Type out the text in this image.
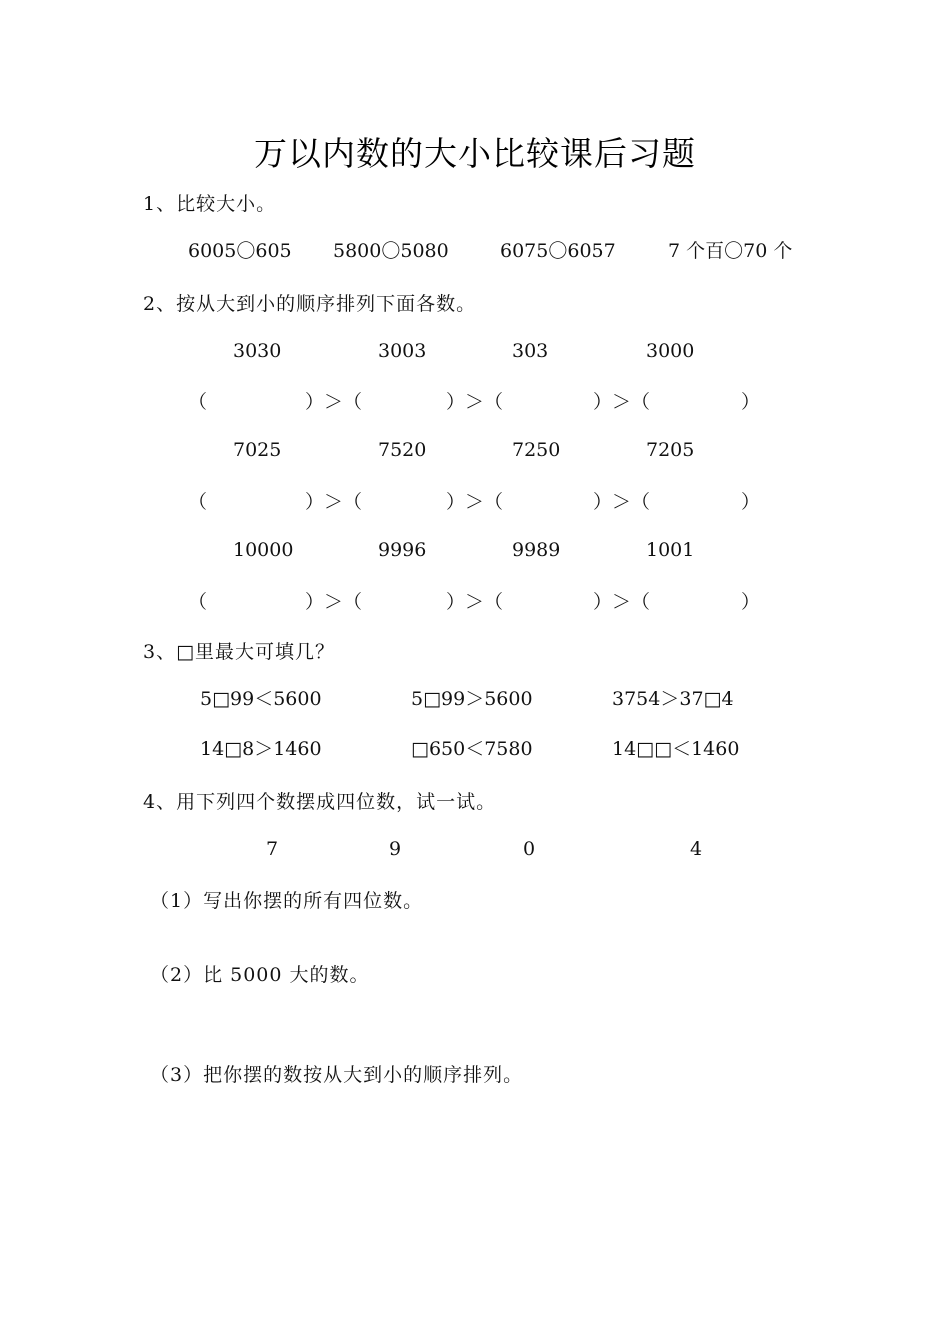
万以内数的大小比较课后习题
1、比较大小。
6005〇605 5800〇5080	6075〇6057	7 个百〇70 个
2、按从大到小的顺序排列下面各数。
3030	3003	303	3000
（	）＞（	）＞（	）＞（	）
7025	7520	7250	7205
（	）＞（	）＞（	）＞（	）
10000	9996	9989	1001
（	）＞（	）＞（	）＞（	）
3、□里最大可填几？
5□99＜5600	5□99＞5600	3754＞37□4
14□8＞1460	□650＜7580	14□□＜1460
4、用下列四个数摆成四位数，试一试。
7	9	0	4
（1）写出你摆的所有四位数。
（2）比 5000 大的数。
（3）把你摆的数按从大到小的顺序排列。
